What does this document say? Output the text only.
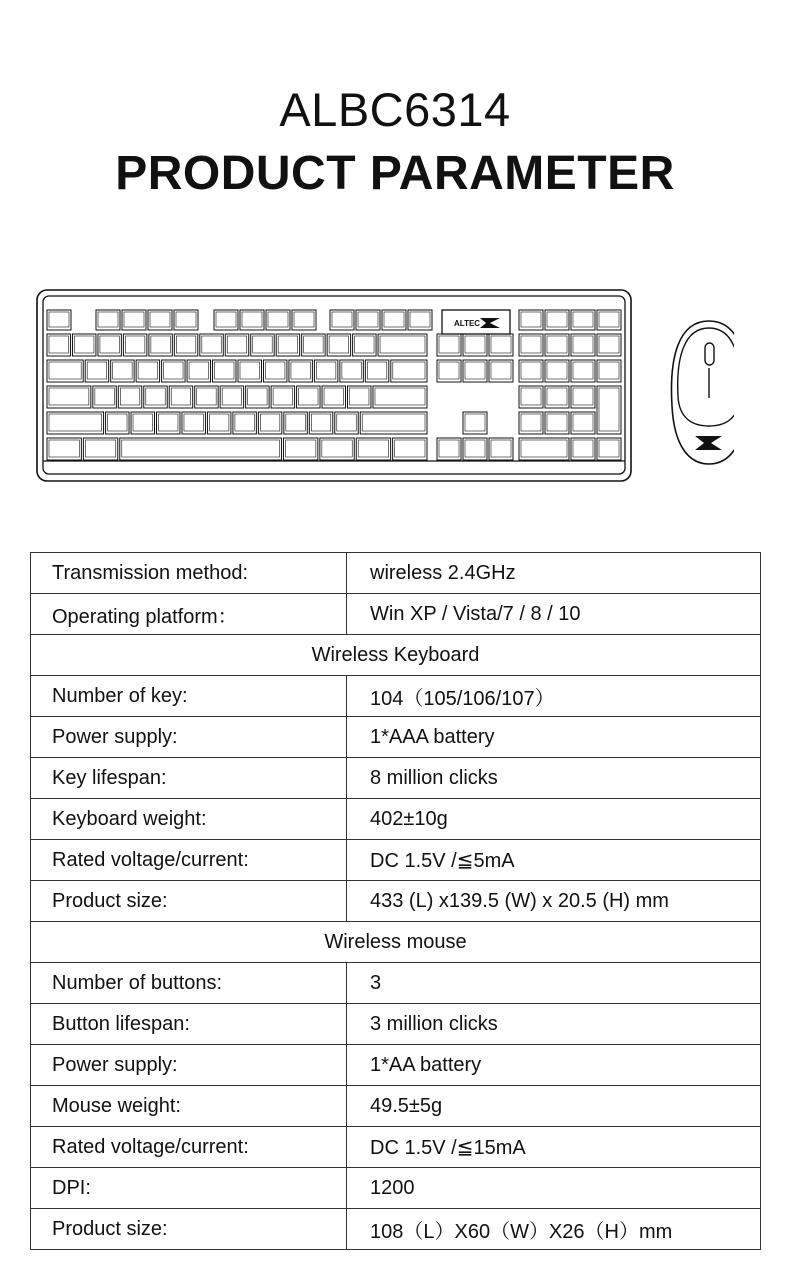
ALBC6314
PRODUCT PARAMETER
ALTEC
Transmission method:	wireless 2.4GHz
Operating platform：	Win XP / Vista/7 / 8 / 10
Wireless Keyboard	
Number of key:	104（105/106/107）
Power supply:	1*AAA battery
Key lifespan:	8 million clicks
Keyboard weight:	402±10g
Rated voltage/current:	DC 1.5V /≦5mA
Product size:	433 (L) x139.5 (W) x 20.5 (H) mm
Wireless mouse	
Number of buttons:	3
Button lifespan:	3 million clicks
Power supply:	1*AA battery
Mouse weight:	49.5±5g
Rated voltage/current:	DC 1.5V /≦15mA
DPI:	1200
Product size:	108（L）X60（W）X26（H）mm
